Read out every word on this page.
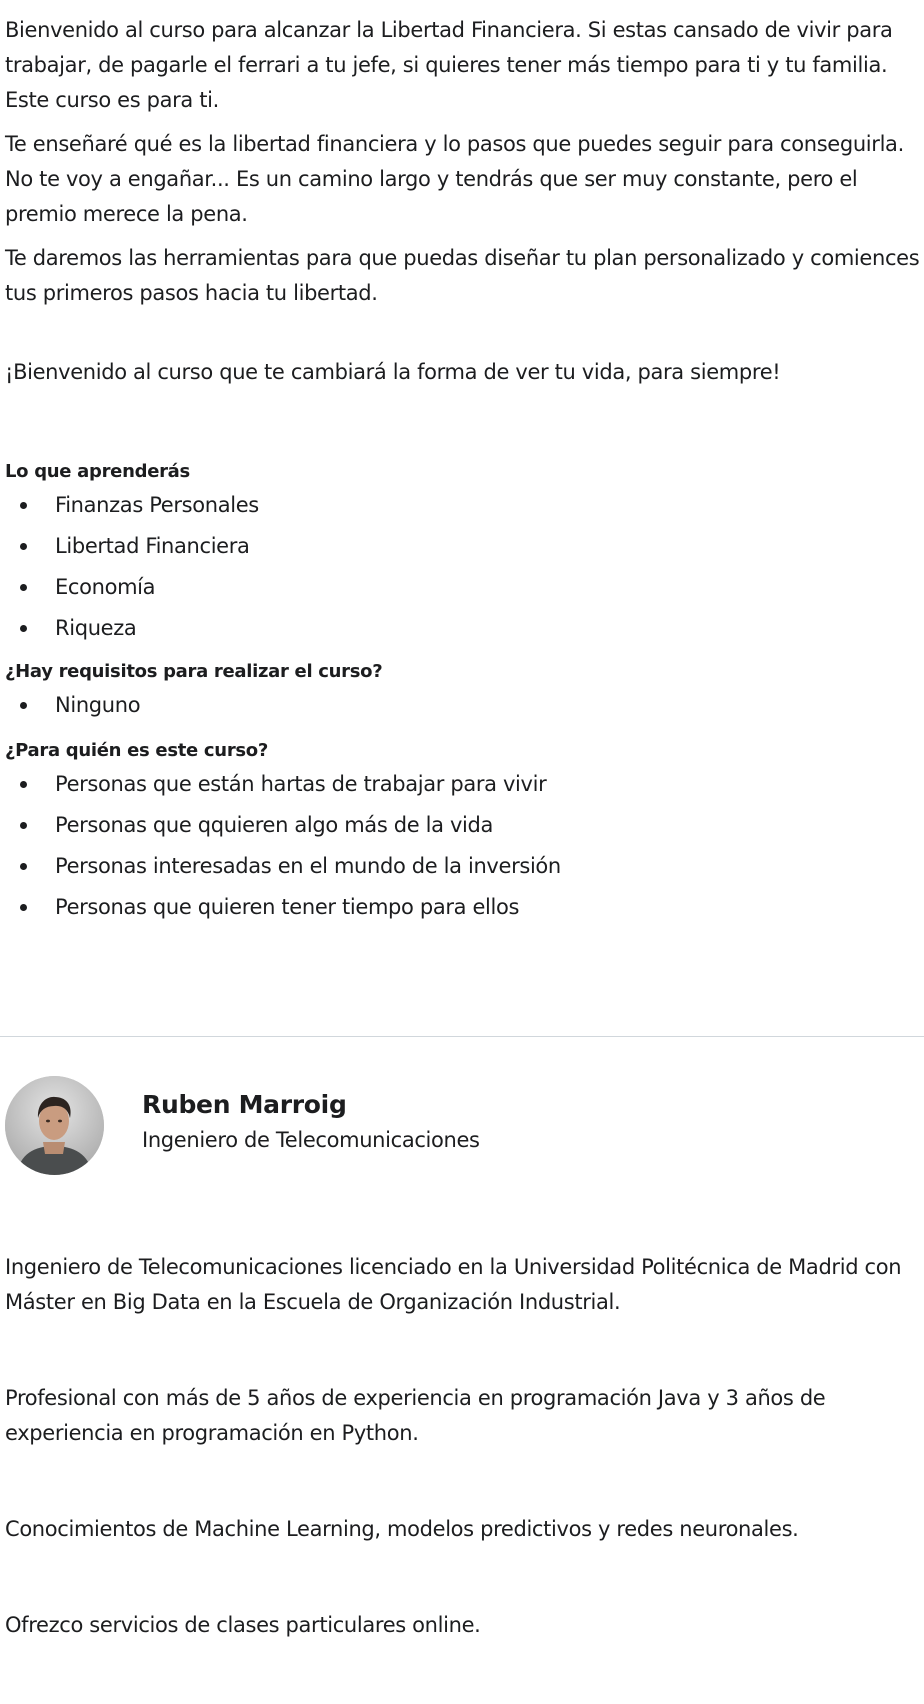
Bienvenido al curso para alcanzar la Libertad Financiera. Si estas cansado de vivir para trabajar, de pagarle el ferrari a tu jefe, si quieres tener más tiempo para ti y tu familia. Este curso es para ti.

Te enseñaré qué es la libertad financiera y lo pasos que puedes seguir para conseguirla. No te voy a engañar... Es un camino largo y tendrás que ser muy constante, pero el premio merece la pena.

Te daremos las herramientas para que puedas diseñar tu plan personalizado y comiences tus primeros pasos hacia tu libertad.

¡Bienvenido al curso que te cambiará la forma de ver tu vida, para siempre!

Lo que aprenderás
Finanzas Personales
Libertad Financiera
Economía
Riqueza
¿Hay requisitos para realizar el curso?
Ninguno
¿Para quién es este curso?
Personas que están hartas de trabajar para vivir
Personas que qquieren algo más de la vida
Personas interesadas en el mundo de la inversión
Personas que quieren tener tiempo para ellos
Ruben Marroig
Ingeniero de Telecomunicaciones

Ingeniero de Telecomunicaciones licenciado en la Universidad Politécnica de Madrid con Máster en Big Data en la Escuela de Organización Industrial.

Profesional con más de 5 años de experiencia en programación Java y 3 años de experiencia en programación en Python.

Conocimientos de Machine Learning, modelos predictivos y redes neuronales.

Ofrezco servicios de clases particulares online.
